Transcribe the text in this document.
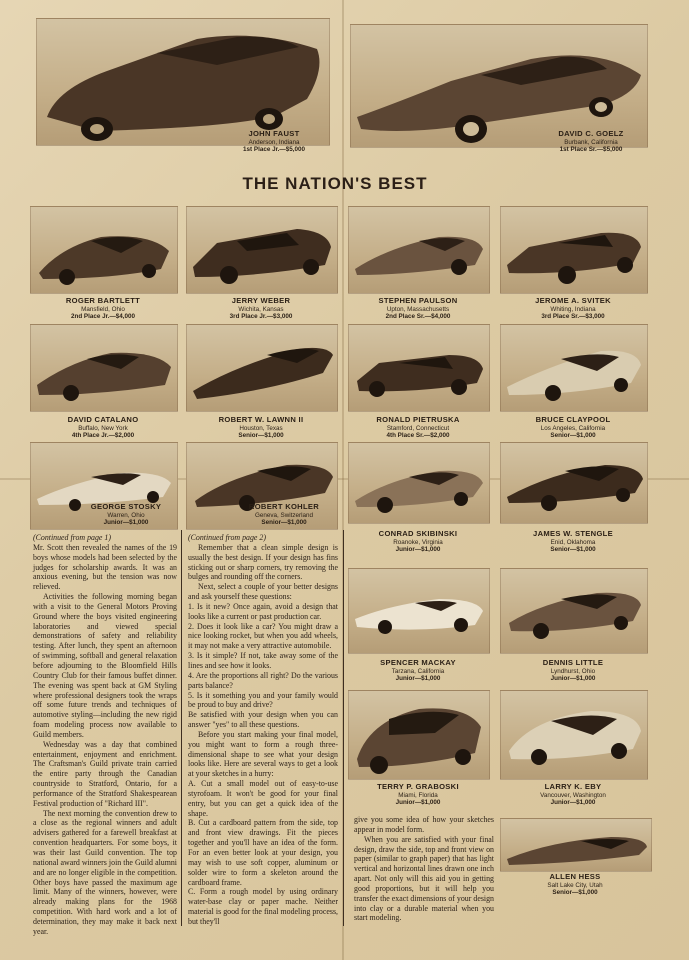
JOHN FAUST
Anderson, Indiana
1st Place Jr.—$5,000
DAVID C. GOELZ
Burbank, California
1st Place Sr.—$5,000
THE NATION'S BEST
ROGER BARTLETT
Mansfield, Ohio
2nd Place Jr.—$4,000
JERRY WEBER
Wichita, Kansas
3rd Place Jr.—$3,000
STEPHEN PAULSON
Upton, Massachusetts
2nd Place Sr.—$4,000
JEROME A. SVITEK
Whiting, Indiana
3rd Place Sr.—$3,000
DAVID CATALANO
Buffalo, New York
4th Place Jr.—$2,000
ROBERT W. LAWNN II
Houston, Texas
Senior—$1,000
RONALD PIETRUSKA
Stamford, Connecticut
4th Place Sr.—$2,000
BRUCE CLAYPOOL
Los Angeles, California
Senior—$1,000
GEORGE STOSKY
Warren, Ohio
Junior—$1,000
ROBERT KOHLER
Geneva, Switzerland
Senior—$1,000
CONRAD SKIBINSKI
Roanoke, Virginia
Junior—$1,000
JAMES W. STENGLE
Enid, Oklahoma
Senior—$1,000
SPENCER MACKAY
Tarzana, California
Junior—$1,000
DENNIS LITTLE
Lyndhurst, Ohio
Junior—$1,000
TERRY P. GRABOSKI
Miami, Florida
Junior—$1,000
LARRY K. EBY
Vancouver, Washington
Junior—$1,000
ALLEN HESS
Salt Lake City, Utah
Senior—$1,000

(Continued from page 1)

Mr. Scott then revealed the names of the 19 boys whose models had been selected by the judges for scholarship awards. It was an anxious evening, but the tension was now relieved.

Activities the following morning began with a visit to the General Motors Proving Ground where the boys visited engineering laboratories and viewed special demonstrations of safety and reliability testing. After lunch, they spent an afternoon of swimming, softball and general relaxation before adjourning to the Bloomfield Hills Country Club for their famous buffet dinner. The evening was spent back at GM Styling where professional designers took the wraps off some future trends and techniques of automotive styling—including the new rigid foam modeling process now available to Guild members.

Wednesday was a day that combined entertainment, enjoyment and enrichment. The Craftsman's Guild private train carried the entire party through the Canadian countryside to Stratford, Ontario, for a performance of the Stratford Shakespearean Festival production of "Richard III".

The next morning the convention drew to a close as the regional winners and adult advisers gathered for a farewell breakfast at convention headquarters. For some boys, it was their last Guild convention. The top national award winners join the Guild alumni and are no longer eligible in the competition. Other boys have passed the maximum age limit. Many of the winners, however, were already making plans for the 1968 competition. With hard work and a lot of determination, they may make it back next year.

(Continued from page 2)

Remember that a clean simple design is usually the best design. If your design has fins sticking out or sharp corners, try removing the bulges and rounding off the corners.

Next, select a couple of your better designs and ask yourself these questions:

1. Is it new? Once again, avoid a design that looks like a current or past production car.

2. Does it look like a car? You might draw a nice looking rocket, but when you add wheels, it may not make a very attractive automobile.

3. Is it simple? If not, take away some of the lines and see how it looks.

4. Are the proportions all right? Do the various parts balance?

5. Is it something you and your family would be proud to buy and drive?

Be satisfied with your design when you can answer "yes" to all these questions.

Before you start making your final model, you might want to form a rough three-dimensional shape to see what your design looks like. Here are several ways to get a look at your sketches in a hurry:

A. Cut a small model out of easy-to-use styrofoam. It won't be good for your final entry, but you can get a quick idea of the shape.

B. Cut a cardboard pattern from the side, top and front view drawings. Fit the pieces together and you'll have an idea of the form. For an even better look at your design, you may wish to use soft copper, aluminum or solder wire to form a skeleton around the cardboard frame.

C. Form a rough model by using ordinary water-base clay or paper mache. Neither material is good for the final modeling process, but they'll

give you some idea of how your sketches appear in model form.

When you are satisfied with your final design, draw the side, top and front view on paper (similar to graph paper) that has light vertical and horizontal lines drawn one inch apart. Not only will this aid you in getting good proportions, but it will help you transfer the exact dimensions of your design into clay or a durable material when you start modeling.
